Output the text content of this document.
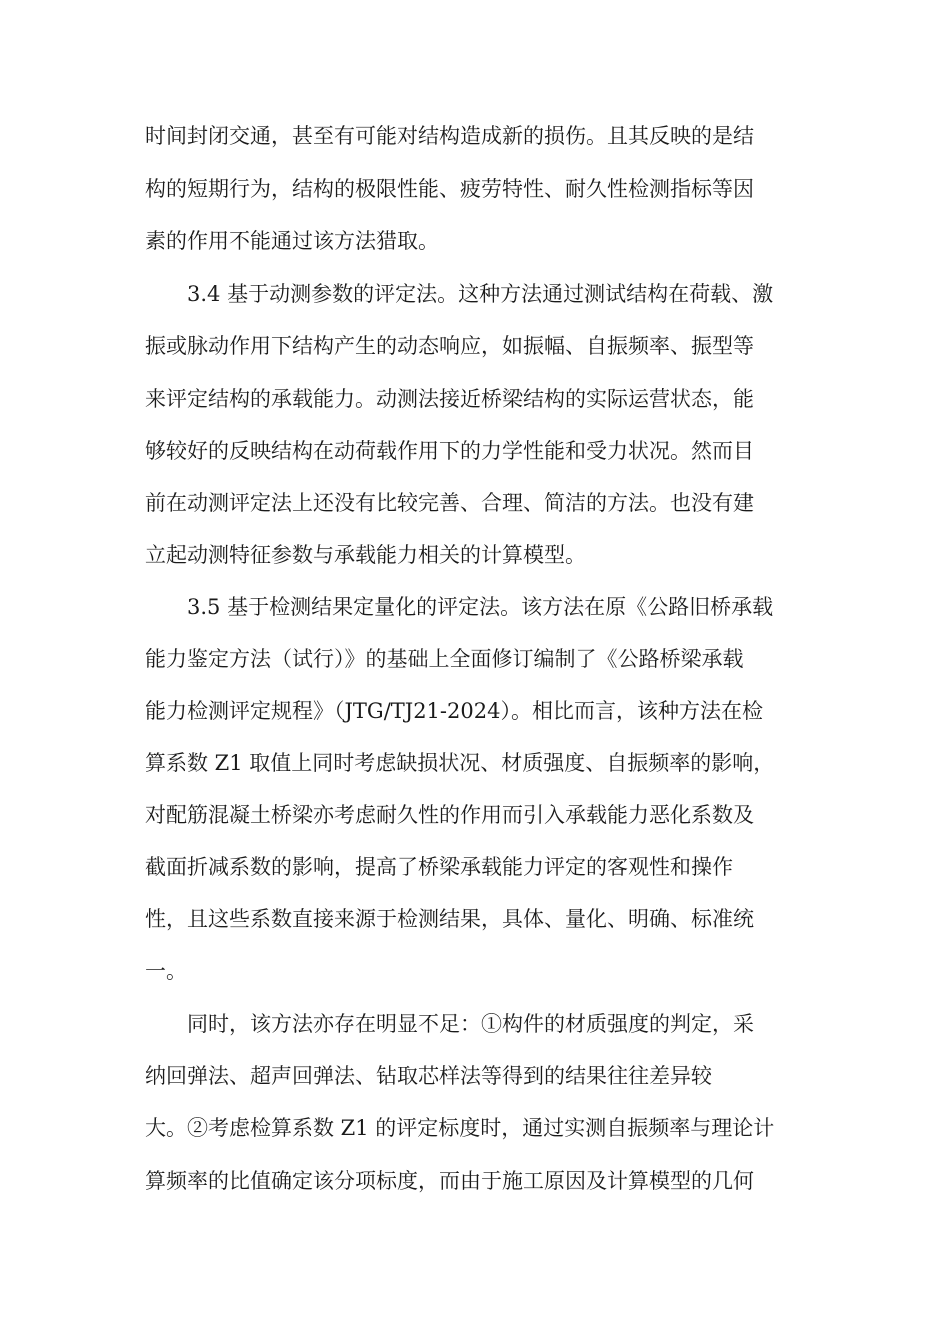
时间封闭交通，甚至有可能对结构造成新的损伤。且其反映的是结

构的短期行为，结构的极限性能、疲劳特性、耐久性检测指标等因

素的作用不能通过该方法猎取。

3.4 基于动测参数的评定法。这种方法通过测试结构在荷载、激

振或脉动作用下结构产生的动态响应，如振幅、自振频率、振型等

来评定结构的承载能力。动测法接近桥梁结构的实际运营状态，能

够较好的反映结构在动荷载作用下的力学性能和受力状况。然而目

前在动测评定法上还没有比较完善、合理、简洁的方法。也没有建

立起动测特征参数与承载能力相关的计算模型。

3.5 基于检测结果定量化的评定法。该方法在原《公路旧桥承载

能力鉴定方法（试行）》的基础上全面修订编制了《公路桥梁承载

能力检测评定规程》（JTG/TJ21-2024）。相比而言，该种方法在检

算系数 Z1 取值上同时考虑缺损状况、材质强度、自振频率的影响，

对配筋混凝土桥梁亦考虑耐久性的作用而引入承载能力恶化系数及

截面折减系数的影响，提高了桥梁承载能力评定的客观性和操作

性，且这些系数直接来源于检测结果，具体、量化、明确、标准统

一。

同时，该方法亦存在明显不足：①构件的材质强度的判定，采

纳回弹法、超声回弹法、钻取芯样法等得到的结果往往差异较

大。②考虑检算系数 Z1 的评定标度时，通过实测自振频率与理论计

算频率的比值确定该分项标度，而由于施工原因及计算模型的几何
